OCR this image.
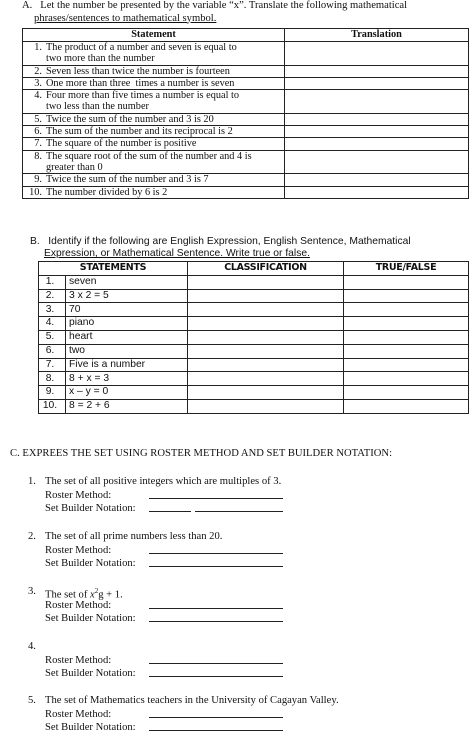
A.   Let the number be presented by the variable “x”. Translate the following mathematical
phrases/sentences to mathematical symbol.
Statement	Translation

1. The product of a number and seven is equal to
two more than the number	

2. Seven less than twice the number is fourteen	

3. One more than three  times a number is seven	

4. Four more than five times a number is equal to
two less than the number	

5. Twice the sum of the number and 3 is 20	

6. The sum of the number and its reciprocal is 2	

7. The square of the number is positive	

8. The square root of the sum of the number and 4 is
greater than 0	

9. Twice the sum of the number and 3 is 7	

10. The number divided by 6 is 2	

B.   Identify if the following are English Expression, English Sentence, Mathematical
Expression, or Mathematical Sentence. Write true or false.
STATEMENTS		CLASSIFICATION	TRUE/FALSE
1.	seven		
2.	3 x 2 = 5		
3.	70		
4.	piano		
5.	heart		
6.	two		
7.	Five is a number		
8.	8 + x = 3		
9.	x – y = 0		
10.	8 = 2 + 6		
C. EXPREES THE SET USING ROSTER METHOD AND SET BUILDER NOTATION:
1. The set of all positive integers which are multiples of 3.
Roster Method:
Set Builder Notation:
2. The set of all prime numbers less than 20.
Roster Method:
Set Builder Notation:
3. The set of $x^2g + 1$.
Roster Method:
Set Builder Notation:
4.
Roster Method:
Set Builder Notation:
5. The set of Mathematics teachers in the University of Cagayan Valley.
Roster Method:
Set Builder Notation:
